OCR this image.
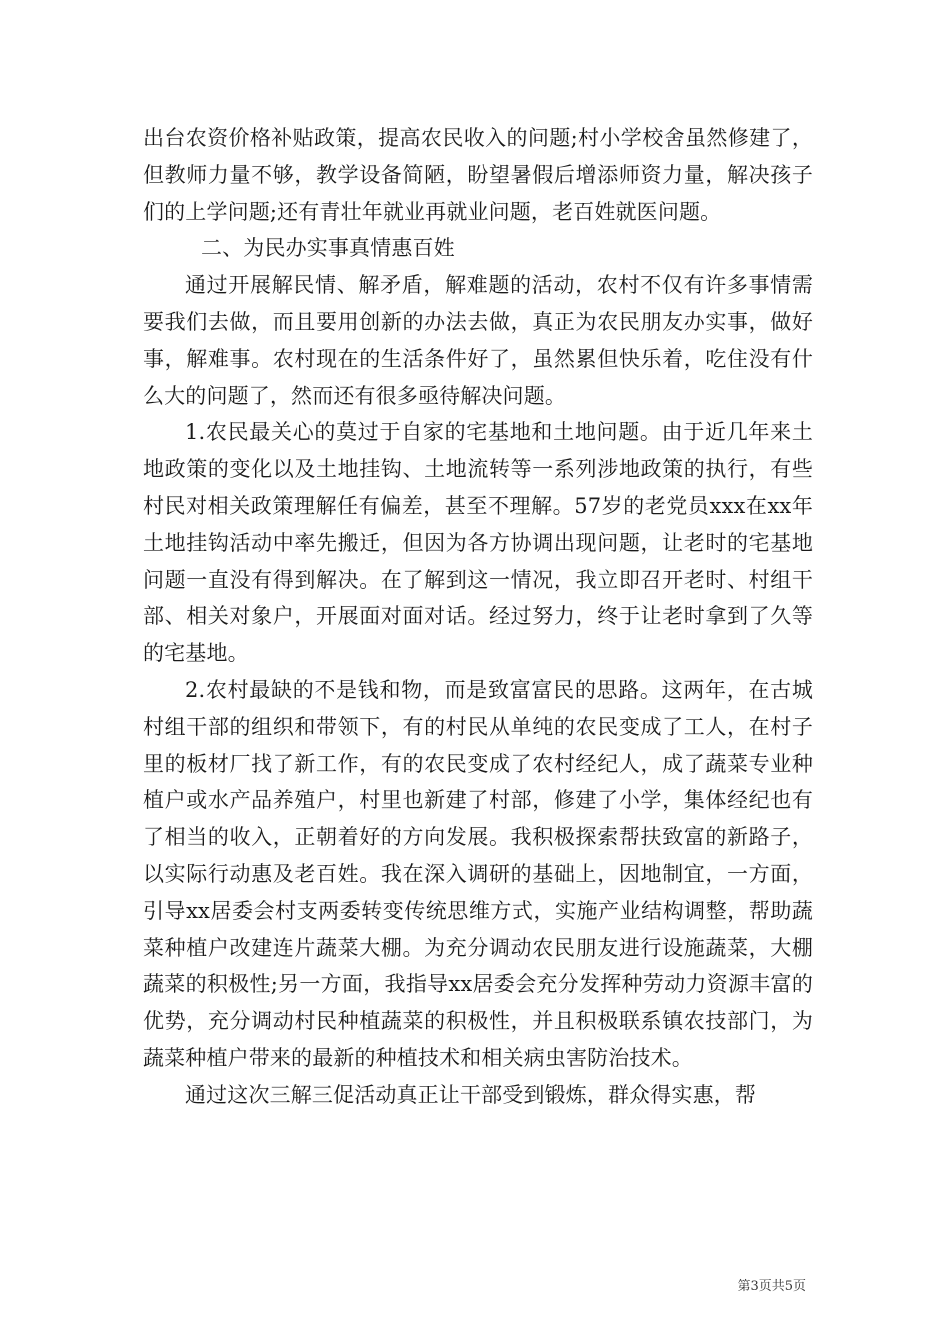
出台农资价格补贴政策，提高农民收入的问题;村小学校舍虽然修建了，但教师力量不够，教学设备简陋，盼望暑假后增添师资力量，解决孩子们的上学问题;还有青壮年就业再就业问题，老百姓就医问题。

二、为民办实事真情惠百姓

通过开展解民情、解矛盾，解难题的活动，农村不仅有许多事情需要我们去做，而且要用创新的办法去做，真正为农民朋友办实事，做好事，解难事。农村现在的生活条件好了，虽然累但快乐着，吃住没有什么大的问题了，然而还有很多亟待解决问题。

1.农民最关心的莫过于自家的宅基地和土地问题。由于近几年来土地政策的变化以及土地挂钩、土地流转等一系列涉地政策的执行，有些村民对相关政策理解任有偏差，甚至不理解。57岁的老党员xxx在xx年土地挂钩活动中率先搬迁，但因为各方协调出现问题，让老时的宅基地问题一直没有得到解决。在了解到这一情况，我立即召开老时、村组干部、相关对象户，开展面对面对话。经过努力，终于让老时拿到了久等的宅基地。

2.农村最缺的不是钱和物，而是致富富民的思路。这两年，在古城村组干部的组织和带领下，有的村民从单纯的农民变成了工人，在村子里的板材厂找了新工作，有的农民变成了农村经纪人，成了蔬菜专业种植户或水产品养殖户，村里也新建了村部，修建了小学，集体经纪也有了相当的收入，正朝着好的方向发展。我积极探索帮扶致富的新路子，以实际行动惠及老百姓。我在深入调研的基础上，因地制宜，一方面，引导xx居委会村支两委转变传统思维方式，实施产业结构调整，帮助蔬菜种植户改建连片蔬菜大棚。为充分调动农民朋友进行设施蔬菜，大棚蔬菜的积极性;另一方面，我指导xx居委会充分发挥种劳动力资源丰富的优势，充分调动村民种植蔬菜的积极性，并且积极联系镇农技部门，为蔬菜种植户带来的最新的种植技术和相关病虫害防治技术。

通过这次三解三促活动真正让干部受到锻炼，群众得实惠，帮

第3页共5页
